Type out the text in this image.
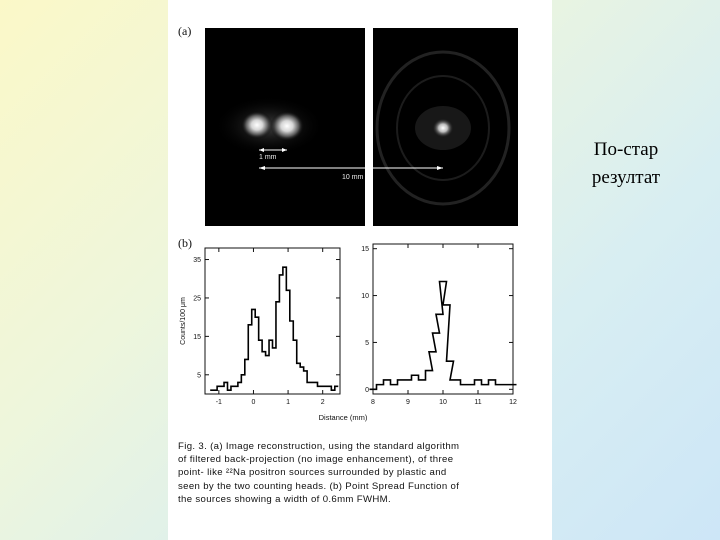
(a)
1 mm
10 mm
(b)
5
15
25
35
-1	0	1	2
Counts/100 μm
0
5
10
15
8	9	10	11	12
Distance (mm)
Fig. 3. (a) Image reconstruction, using the standard algorithm
of filtered back-projection (no image enhancement), of three
point- like ²²Na positron sources surrounded by plastic and
seen by the two counting heads. (b) Point Spread Function of
the sources showing a width of 0.6mm FWHM.
По-стар
резултат
